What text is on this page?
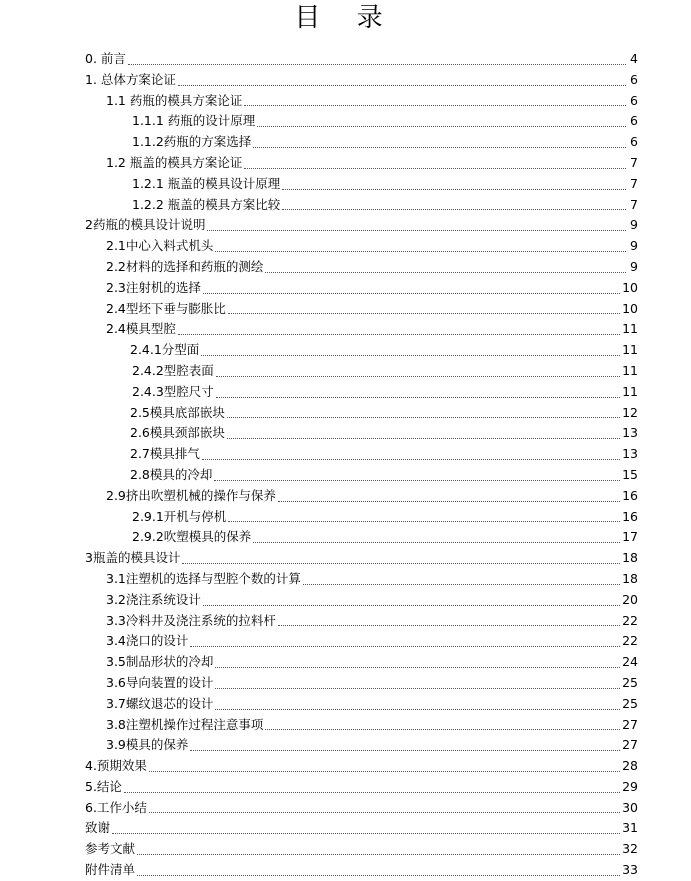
目 录
0. 前言	4
1. 总体方案论证	6
1.1 药瓶的模具方案论证	6
1.1.1 药瓶的设计原理	6
1.1.2药瓶的方案选择	6
1.2 瓶盖的模具方案论证	7
1.2.1 瓶盖的模具设计原理	7
1.2.2 瓶盖的模具方案比较	7
2药瓶的模具设计说明	9
2.1中心入料式机头	9
2.2材料的选择和药瓶的测绘	9
2.3注射机的选择	10
2.4型坯下垂与膨胀比	10
2.4模具型腔	11
2.4.1分型面	11
2.4.2型腔表面	11
2.4.3型腔尺寸	11
2.5模具底部嵌块	12
2.6模具颈部嵌块	13
2.7模具排气	13
2.8模具的冷却	15
2.9挤出吹塑机械的操作与保养	16
2.9.1开机与停机	16
2.9.2吹塑模具的保养	17
3瓶盖的模具设计	18
3.1注塑机的选择与型腔个数的计算	18
3.2浇注系统设计	20
3.3冷料井及浇注系统的拉料杆	22
3.4浇口的设计	22
3.5制品形状的冷却	24
3.6导向装置的设计	25
3.7螺纹退芯的设计	25
3.8注塑机操作过程注意事项	27
3.9模具的保养	27
4.预期效果	28
5.结论	29
6.工作小结	30
致谢	31
参考文献	32
附件清单	33
